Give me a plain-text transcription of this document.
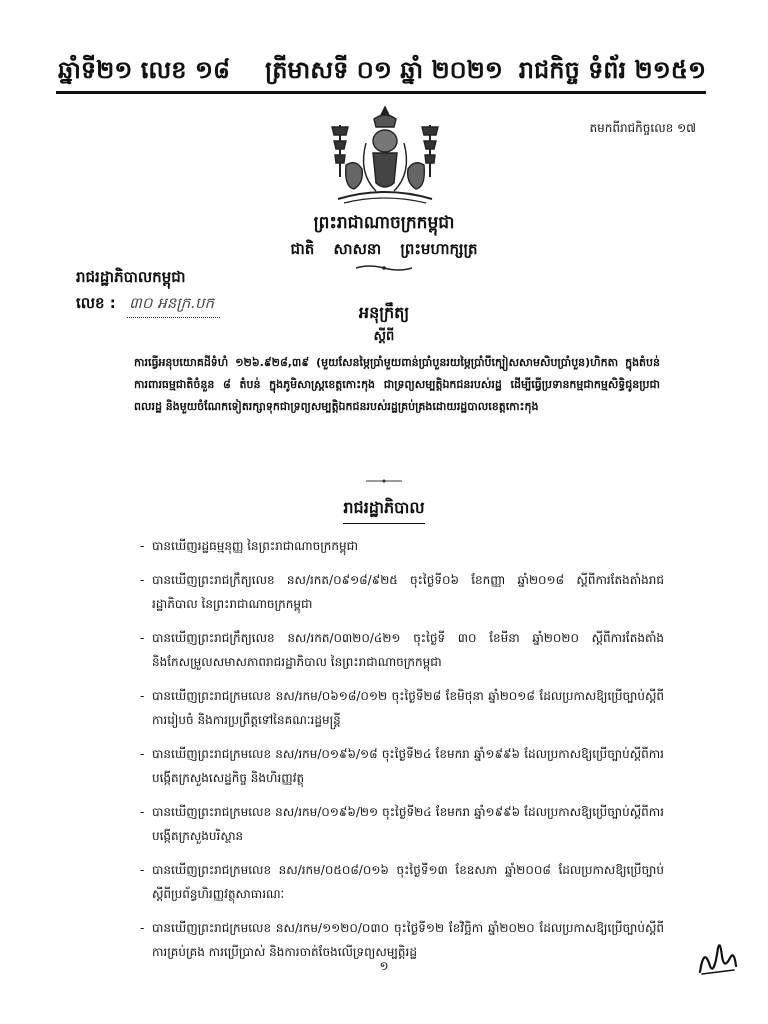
ឆ្នាំទី២១ លេខ ១៨	ត្រីមាសទី ០១ ឆ្នាំ ២០២១ រាជកិច្ច ទំព័រ ២១៥១
តមកពីរាជកិច្ចលេខ ១៧
ព្រះរាជាណាចក្រកម្ពុជា
ជាតិ សាសនា ព្រះមហាក្សត្រ
រាជរដ្ឋាភិបាលកម្ពុជា
លេខ : ៣០ អនក្រ.បក	អនុក្រឹត្យ
ស្តីពី
ការធ្វើអនុបយោគដីទំហំ ១២៦.៩២៨,៣៩ (មួយសែនម្ភៃប្រាំមួយពាន់ប្រាំបួនរយម្ភៃប្រាំបីក្បៀសសាមសិបប្រាំបួន)ហិកតា ក្នុងតំបន់ការពារធម្មជាតិចំនួន ៨ តំបន់ ក្នុងភូមិសាស្ត្រខេត្តកោះកុង ជាទ្រព្យសម្បត្តិឯកជនរបស់រដ្ឋ ដើម្បីធ្វើប្រទានកម្មជាកម្មសិទ្ធិជូនប្រជាពលរដ្ឋ និងមួយចំណែកទៀតរក្សាទុកជាទ្រព្យសម្បត្តិឯកជនរបស់រដ្ឋគ្រប់គ្រងដោយរដ្ឋបាលខេត្តកោះកុង
រាជរដ្ឋាភិបាល
- បានឃើញរដ្ឋធម្មនុញ្ញ នៃព្រះរាជាណាចក្រកម្ពុជា
- បានឃើញព្រះរាជក្រឹត្យលេខ នស/រកត/០៩១៨/៩២៥ ចុះថ្ងៃទី០៦ ខែកញ្ញា ឆ្នាំ២០១៨ ស្តីពីការតែងតាំងរាជរដ្ឋាភិបាល នៃព្រះរាជាណាចក្រកម្ពុជា
- បានឃើញព្រះរាជក្រឹត្យលេខ នស/រកត/០៣២០/៤២១ ចុះថ្ងៃទី ៣០ ខែមីនា ឆ្នាំ២០២០ ស្តីពីការតែងតាំងនិងកែសម្រួលសមាសភាពរាជរដ្ឋាភិបាល នៃព្រះរាជាណាចក្រកម្ពុជា
- បានឃើញព្រះរាជក្រមលេខ នស/រកម/០៦១៨/០១២ ចុះថ្ងៃទី២៨ ខែមិថុនា ឆ្នាំ២០១៨ ដែលប្រកាសឱ្យប្រើច្បាប់ស្តីពីការរៀបចំ និងការប្រព្រឹត្តទៅនៃគណៈរដ្ឋមន្ត្រី
- បានឃើញព្រះរាជក្រមលេខ នស/រកម/០១៩៦/១៨ ចុះថ្ងៃទី២៤ ខែមករា ឆ្នាំ១៩៩៦ ដែលប្រកាសឱ្យប្រើច្បាប់ស្តីពីការបង្កើតក្រសួងសេដ្ឋកិច្ច និងហិរញ្ញវត្ថុ
- បានឃើញព្រះរាជក្រមលេខ នស/រកម/០១៩៦/២១ ចុះថ្ងៃទី២៤ ខែមករា ឆ្នាំ១៩៩៦ ដែលប្រកាសឱ្យប្រើច្បាប់ស្តីពីការបង្កើតក្រសួងបរិស្ថាន
- បានឃើញព្រះរាជក្រមលេខ នស/រកម/០៥០៨/០១៦ ចុះថ្ងៃទី១៣ ខែឧសភា ឆ្នាំ២០០៨ ដែលប្រកាសឱ្យប្រើច្បាប់ស្តីពីប្រព័ន្ធហិរញ្ញវត្ថុសាធារណៈ
- បានឃើញព្រះរាជក្រមលេខ នស/រកម/១១២០/០៣០ ចុះថ្ងៃទី១២ ខែវិច្ឆិកា ឆ្នាំ២០២០ ដែលប្រកាសឱ្យប្រើច្បាប់ស្តីពីការគ្រប់គ្រង ការប្រើប្រាស់ និងការចាត់ចែងលើទ្រព្យសម្បត្តិរដ្ឋ
១
